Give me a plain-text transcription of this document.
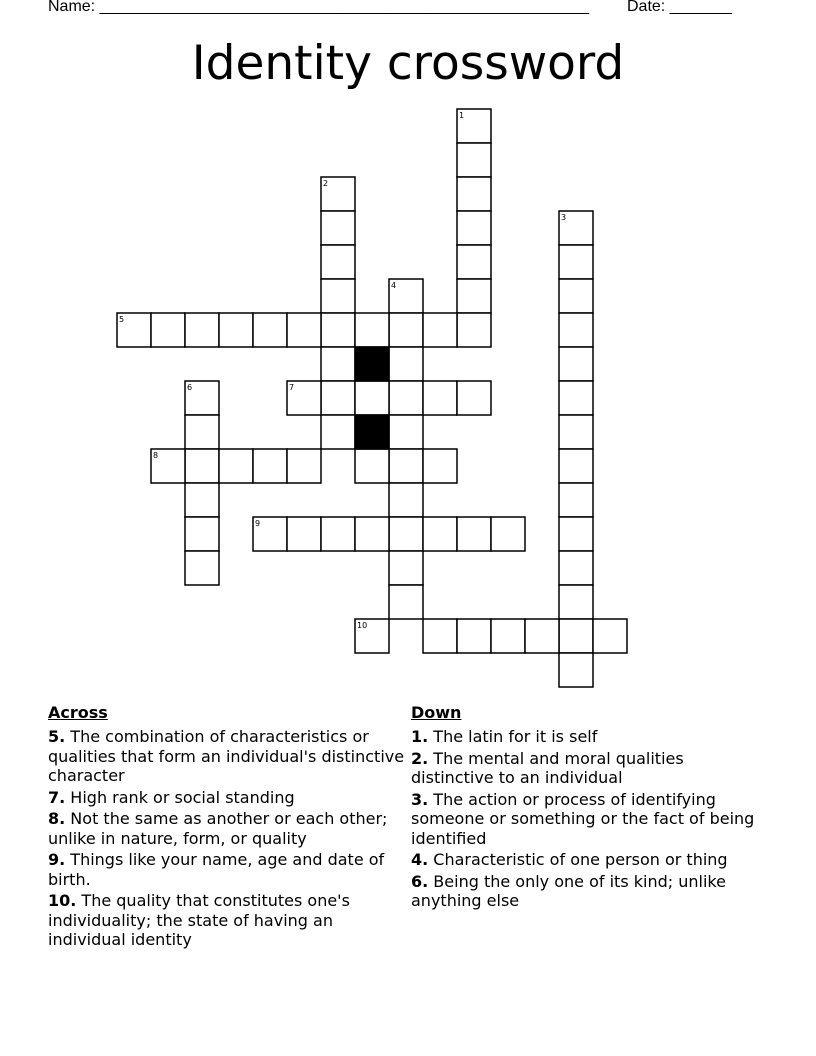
Name: _______________________________________________________ Date: _______
Identity crossword
1
2
3
4
5
6	7
8
9
10
Across
5. The combination of characteristics or qualities that form an individual's distinctive character
7. High rank or social standing
8. Not the same as another or each other; unlike in nature, form, or quality
9. Things like your name, age and date of birth.
10. The quality that constitutes one's individuality; the state of having an individual identity
Down
1. The latin for it is self
2. The mental and moral qualities distinctive to an individual
3. The action or process of identifying someone or something or the fact of being identified
4. Characteristic of one person or thing
6. Being the only one of its kind; unlike anything else
